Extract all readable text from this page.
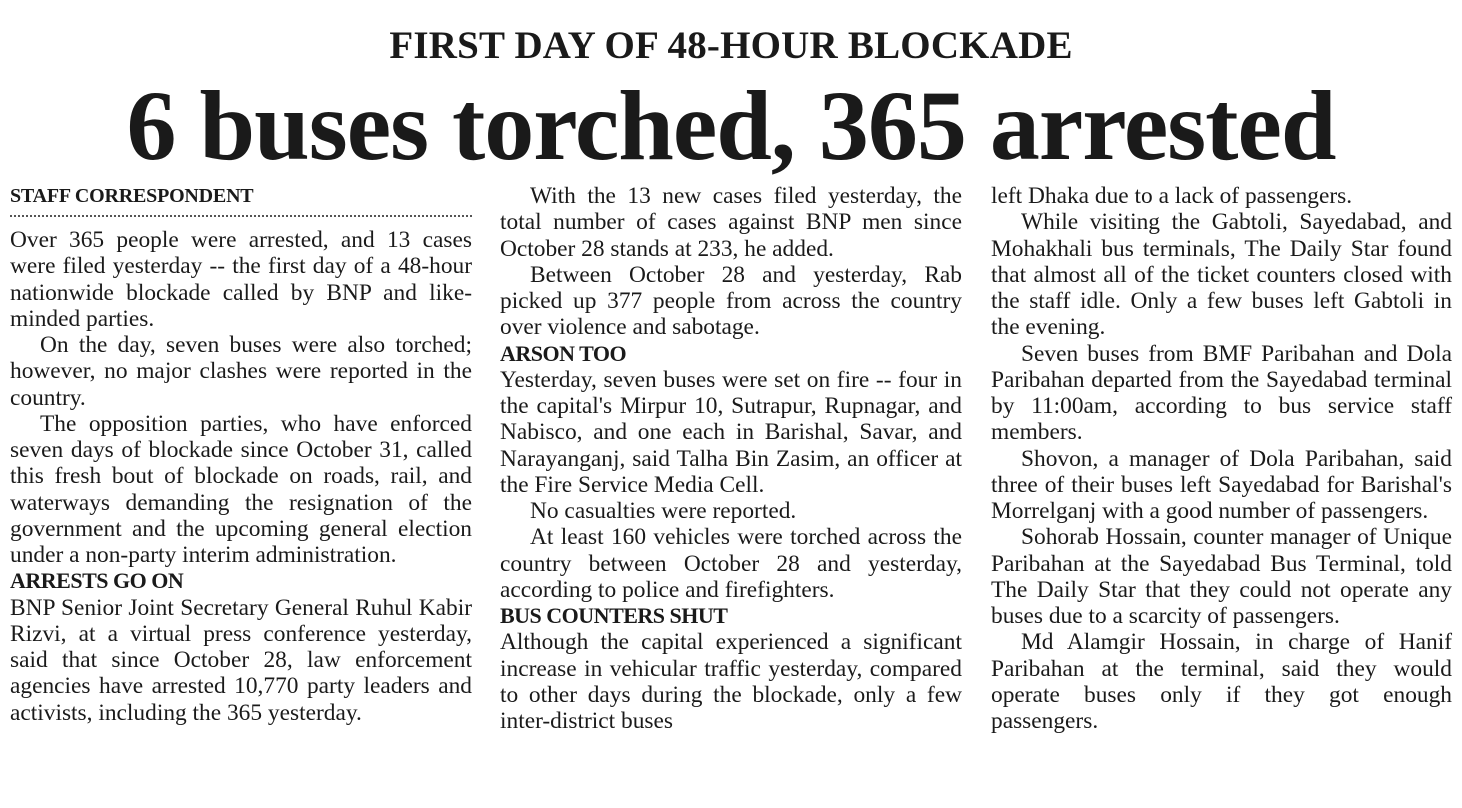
FIRST DAY OF 48-HOUR BLOCKADE
6 buses torched, 365 arrested
STAFF CORRESPONDENT

Over 365 people were arrested, and 13 cases were filed yesterday -- the first day of a 48-hour nationwide blockade called by BNP and like-minded parties.

On the day, seven buses were also torched; however, no major clashes were reported in the country.

The opposition parties, who have enforced seven days of blockade since October 31, called this fresh bout of blockade on roads, rail, and waterways demanding the resignation of the government and the upcoming general election under a non-party interim administration.

ARRESTS GO ON

BNP Senior Joint Secretary General Ruhul Kabir Rizvi, at a virtual press conference yesterday, said that since October 28, law enforcement agencies have arrested 10,770 party leaders and activists, including the 365 yesterday.

With the 13 new cases filed yesterday, the total number of cases against BNP men since October 28 stands at 233, he added.

Between October 28 and yesterday, Rab picked up 377 people from across the country over violence and sabotage.

ARSON TOO

Yesterday, seven buses were set on fire -- four in the capital's Mirpur 10, Sutrapur, Rupnagar, and Nabisco, and one each in Barishal, Savar, and Narayanganj, said Talha Bin Zasim, an officer at the Fire Service Media Cell.

No casualties were reported.

At least 160 vehicles were torched across the country between October 28 and yesterday, according to police and firefighters.

BUS COUNTERS SHUT

Although the capital experienced a significant increase in vehicular traffic yesterday, compared to other days during the blockade, only a few inter-district buses

left Dhaka due to a lack of passengers.

While visiting the Gabtoli, Sayedabad, and Mohakhali bus terminals, The Daily Star found that almost all of the ticket counters closed with the staff idle. Only a few buses left Gabtoli in the evening.

Seven buses from BMF Paribahan and Dola Paribahan departed from the Sayedabad terminal by 11:00am, according to bus service staff members.

Shovon, a manager of Dola Paribahan, said three of their buses left Sayedabad for Barishal's Morrelganj with a good number of passengers.

Sohorab Hossain, counter manager of Unique Paribahan at the Sayedabad Bus Terminal, told The Daily Star that they could not operate any buses due to a scarcity of passengers.

Md Alamgir Hossain, in charge of Hanif Paribahan at the terminal, said they would operate buses only if they got enough passengers.
